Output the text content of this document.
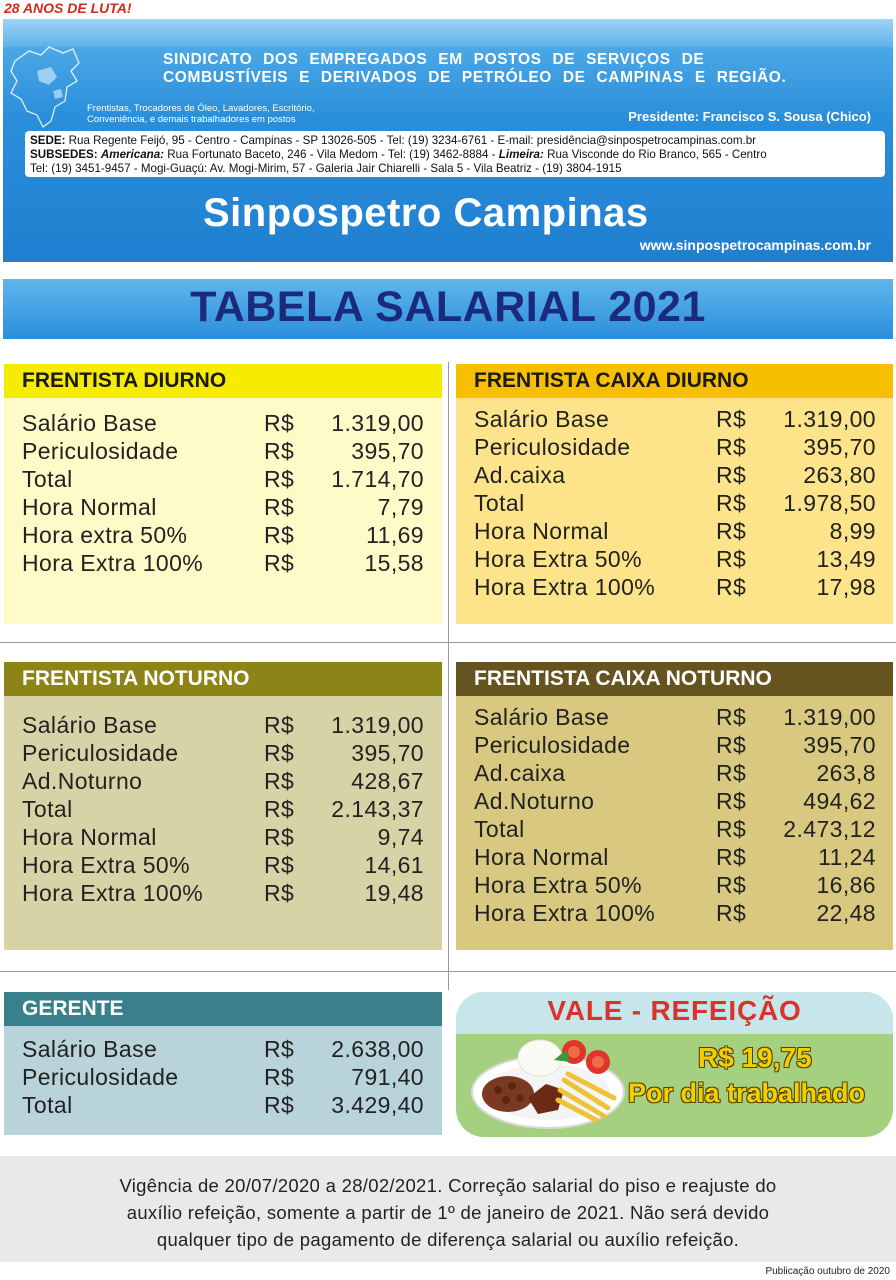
28 ANOS DE LUTA!
SINDICATO DOS EMPREGADOS EM POSTOS DE SERVIÇOS DE
COMBUSTÍVEIS E DERIVADOS DE PETRÓLEO DE CAMPINAS E REGIÃO.
Frentistas, Trocadores de Óleo, Lavadores, Escritório,
Conveniência, e demais trabalhadores em postos	Presidente: Francisco S. Sousa (Chico)
SEDE: Rua Regente Feijó, 95 - Centro - Campinas - SP 13026-505 - Tel: (19) 3234-6761 - E-mail: presidência@sinpospetrocampinas.com.br
SUBSEDES: Americana: Rua Fortunato Baceto, 246 - Vila Medom - Tel: (19) 3462-8884 - Limeira: Rua Visconde do Rio Branco, 565 - Centro
Tel: (19) 3451-9457 - Mogi-Guaçú: Av. Mogi-Mirim, 57 - Galeria Jair Chiarelli - Sala 5 - Vila Beatriz - (19) 3804-1915
Sinpospetro Campinas
www.sinpospetrocampinas.com.br
TABELA SALARIAL 2021
FRENTISTA DIURNO
Salário Base	R$ 1.319,00
Periculosidade	R$ 395,70
Total	R$ 1.714,70
Hora Normal	R$	7,79
Hora extra 50%	R$	11,69
Hora Extra 100%	R$	15,58
FRENTISTA CAIXA DIURNO
Salário Base	R$ 1.319,00
Periculosidade	R$ 395,70
Ad.caixa	R$ 263,80
Total	R$ 1.978,50
Hora Normal	R$	8,99
Hora Extra 50%	R$	13,49
Hora Extra 100%	R$	17,98
FRENTISTA NOTURNO
Salário Base	R$ 1.319,00
Periculosidade	R$ 395,70
Ad.Noturno	R$ 428,67
Total	R$ 2.143,37
Hora Normal	R$	9,74
Hora Extra 50%	R$	14,61
Hora Extra 100%	R$	19,48
FRENTISTA CAIXA NOTURNO
Salário Base	R$ 1.319,00
Periculosidade	R$ 395,70
Ad.caixa	R$	263,8
Ad.Noturno	R$ 494,62
Total	R$ 2.473,12
Hora Normal	R$	11,24
Hora Extra 50%	R$	16,86
Hora Extra 100%	R$	22,48
GERENTE
Salário Base	R$ 2.638,00
Periculosidade	R$ 791,40
Total	R$ 3.429,40
VALE - REFEIÇÃO
R$ 19,75
Por dia trabalhado
Vigência de 20/07/2020 a 28/02/2021. Correção salarial do piso e reajuste do
auxílio refeição, somente a partir de 1º de janeiro de 2021. Não será devido
qualquer tipo de pagamento de diferença salarial ou auxílio refeição.
Publicação outubro de 2020
